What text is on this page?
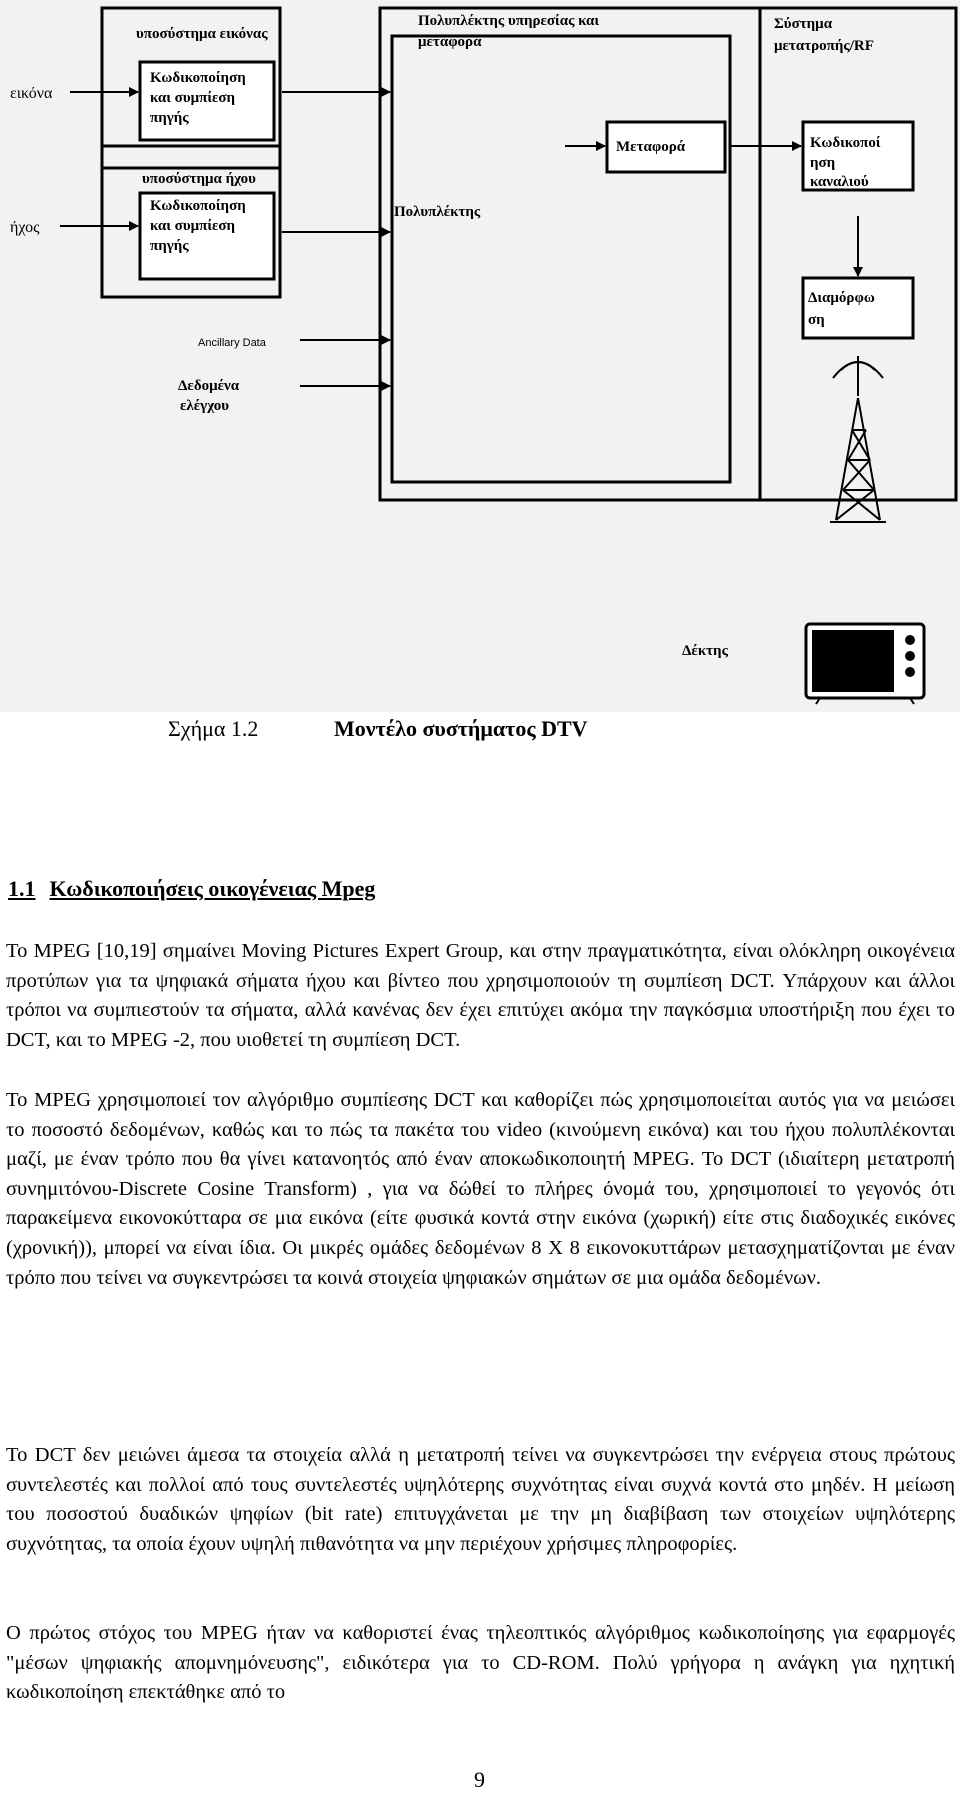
εικόνα
ήχος
υποσύστημα εικόνας
Κωδικοποίηση
και συμπίεση
πηγής
υποσύστημα ήχου
Κωδικοποίηση
και συμπίεση
πηγής
Ancillary Data
Δεδομένα
ελέγχου
Πολυπλέκτης υπηρεσίας και
μεταφορά
Πολυπλέκτης
Μεταφορά
Σύστημα
μετατροπής/RF
Κωδικοποί
ηση
καναλιού
Διαμόρφω
ση
Δέκτης
Σχήμα 1.2	Μοντέλο συστήματος DTV
1.1 Κωδικοποιήσεις οικογένειας Mpeg

Το MPEG [10,19] σημαίνει Moving Pictures Expert Group, και στην πραγματικότητα, είναι ολόκληρη οικογένεια προτύπων για τα ψηφιακά σήματα ήχου και βίντεο που χρησιμοποιούν τη συμπίεση DCT. Υπάρχουν και άλλοι τρόποι να συμπιεστούν τα σήματα, αλλά κανένας δεν έχει επιτύχει ακόμα την παγκόσμια υποστήριξη που έχει το DCT, και το MPEG -2, που υιοθετεί τη συμπίεση DCT.

Το MPEG χρησιμοποιεί τον αλγόριθμο συμπίεσης DCT και καθορίζει πώς χρησιμοποιείται αυτός για να μειώσει το ποσοστό δεδομένων, καθώς και το πώς τα πακέτα του video (κινούμενη εικόνα) και του ήχου πολυπλέκονται μαζί, με έναν τρόπο που θα γίνει κατανοητός από έναν αποκωδικοποιητή MPEG. Το DCT (ιδιαίτερη μετατροπή συνημιτόνου-Discrete Cosine Transform) , για να δώθεί το πλήρες όνομά του, χρησιμοποιεί το γεγονός ότι παρακείμενα εικονοκύτταρα σε μια εικόνα (είτε φυσικά κοντά στην εικόνα (χωρική) είτε στις διαδοχικές εικόνες (χρονική)), μπορεί να είναι ίδια. Οι μικρές ομάδες δεδομένων 8 X 8 εικονοκυττάρων μετασχηματίζονται με έναν τρόπο που τείνει να συγκεντρώσει τα κοινά στοιχεία ψηφιακών σημάτων σε μια ομάδα δεδομένων.

Το DCT δεν μειώνει άμεσα τα στοιχεία αλλά η μετατροπή τείνει να συγκεντρώσει την ενέργεια στους πρώτους συντελεστές και πολλοί από τους συντελεστές υψηλότερης συχνότητας είναι συχνά κοντά στο μηδέν. Η μείωση του ποσοστού δυαδικών ψηφίων (bit rate) επιτυγχάνεται με την μη διαβίβαση των στοιχείων υψηλότερης συχνότητας, τα οποία έχουν υψηλή πιθανότητα να μην περιέχουν χρήσιμες πληροφορίες.

Ο πρώτος στόχος του MPEG ήταν να καθοριστεί ένας τηλεοπτικός αλγόριθμος κωδικοποίησης για εφαρμογές "μέσων ψηφιακής απομνημόνευσης", ειδικότερα για το CD-ROM. Πολύ γρήγορα η ανάγκη για ηχητική κωδικοποίηση επεκτάθηκε από το

9
